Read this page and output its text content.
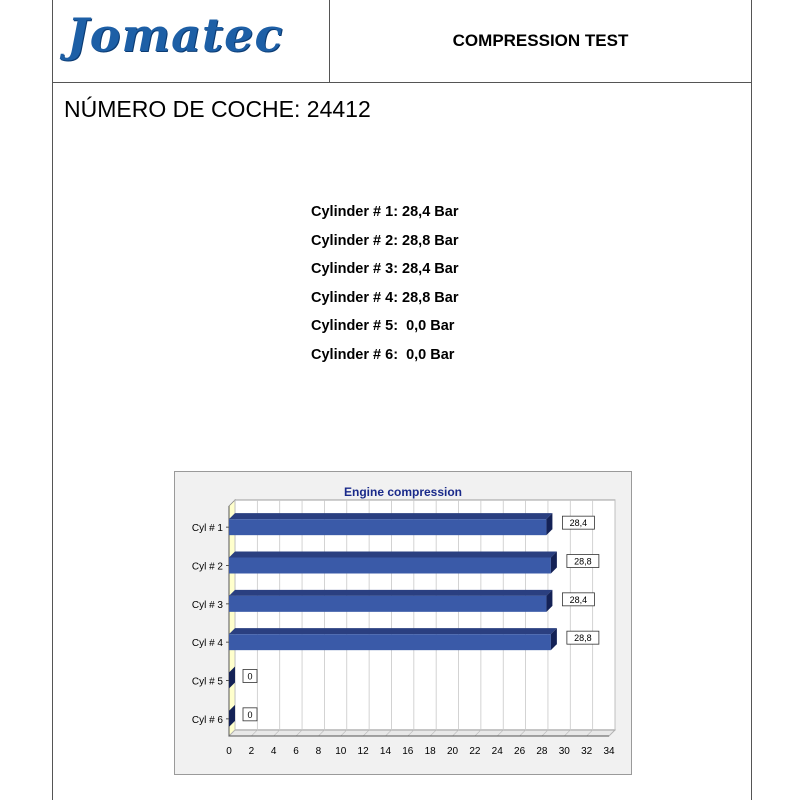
Jomatec	COMPRESSION TEST
NÚMERO DE COCHE: 24412
Cylinder # 1: 28,4 Bar
Cylinder # 2: 28,8 Bar
Cylinder # 3: 28,4 Bar
Cylinder # 4: 28,8 Bar
Cylinder # 5:  0,0 Bar
Cylinder # 6:  0,0 Bar
Engine compression
0 2 4 6 8 10 12 14 16 18 20 22 24 26 28 30 32 34
Cyl # 1	28,4
Cyl # 2	28,8
Cyl # 3	28,4
Cyl # 4	28,8
Cyl # 5	0
Cyl # 6	0
